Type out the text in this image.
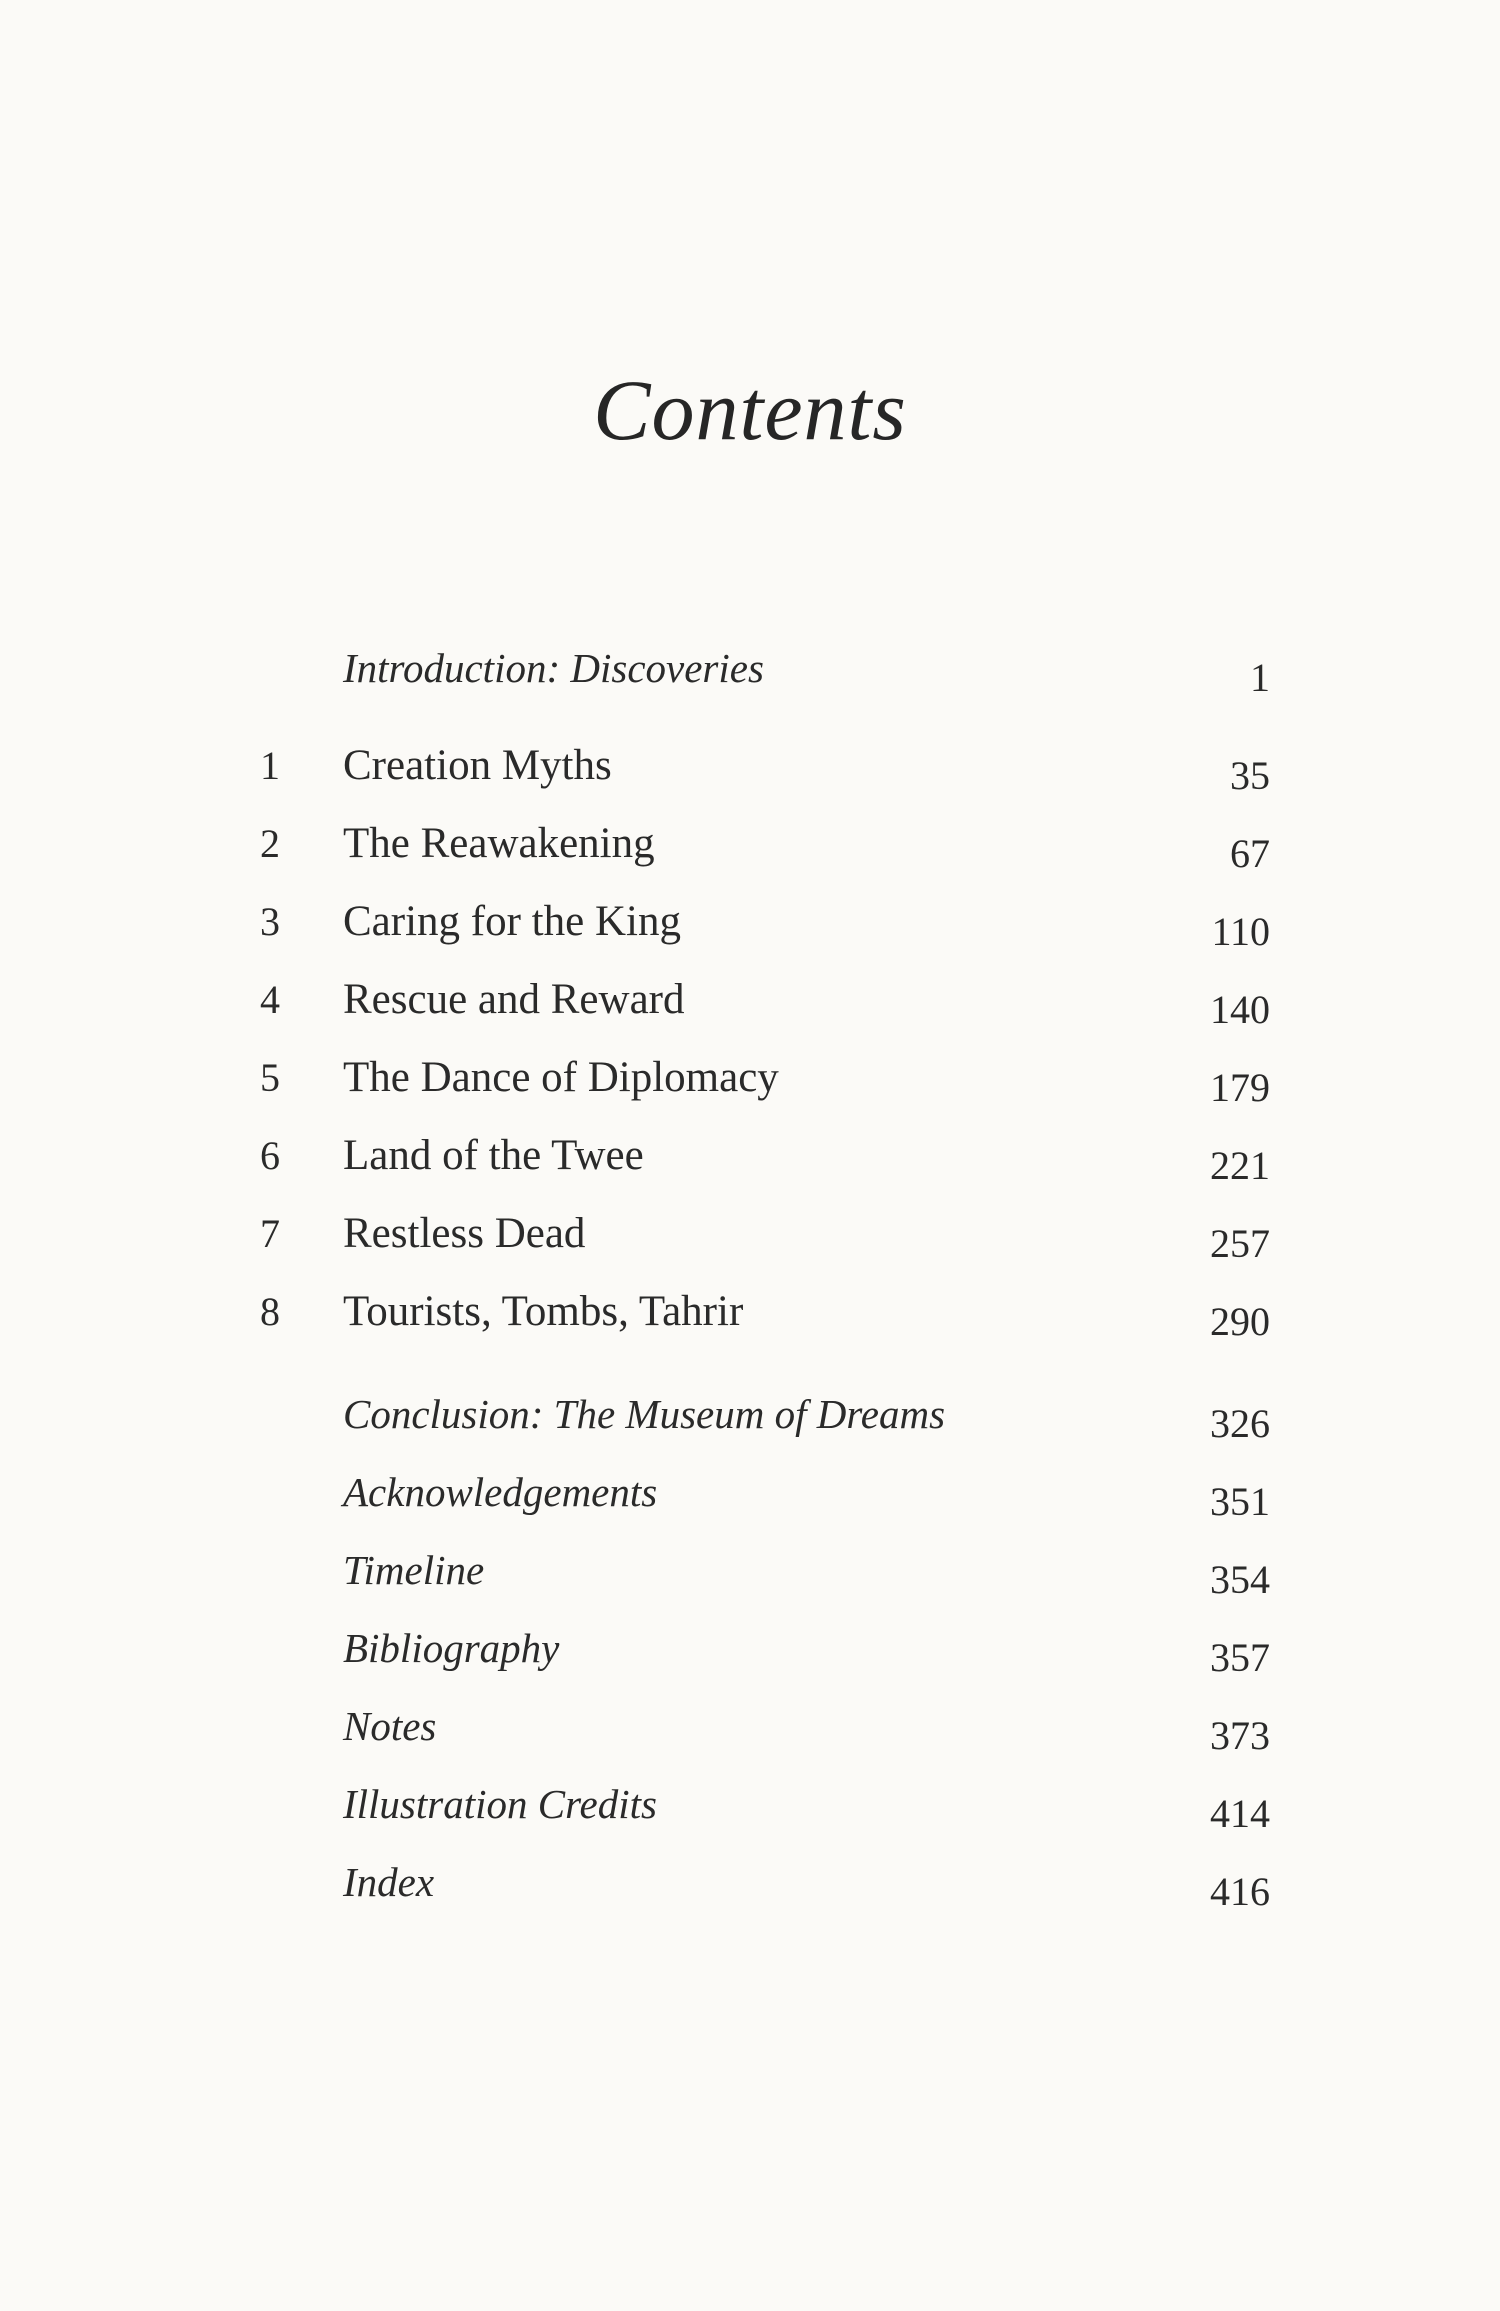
Contents
Introduction: Discoveries	1
1	Creation Myths	35
2	The Reawakening	67
3	Caring for the King	110
4	Rescue and Reward	140
5	The Dance of Diplomacy	179
6	Land of the Twee	221
7	Restless Dead	257
8	Tourists, Tombs, Tahrir	290
Conclusion: The Museum of Dreams	326
Acknowledgements	351
Timeline	354
Bibliography	357
Notes	373
Illustration Credits	414
Index	416
